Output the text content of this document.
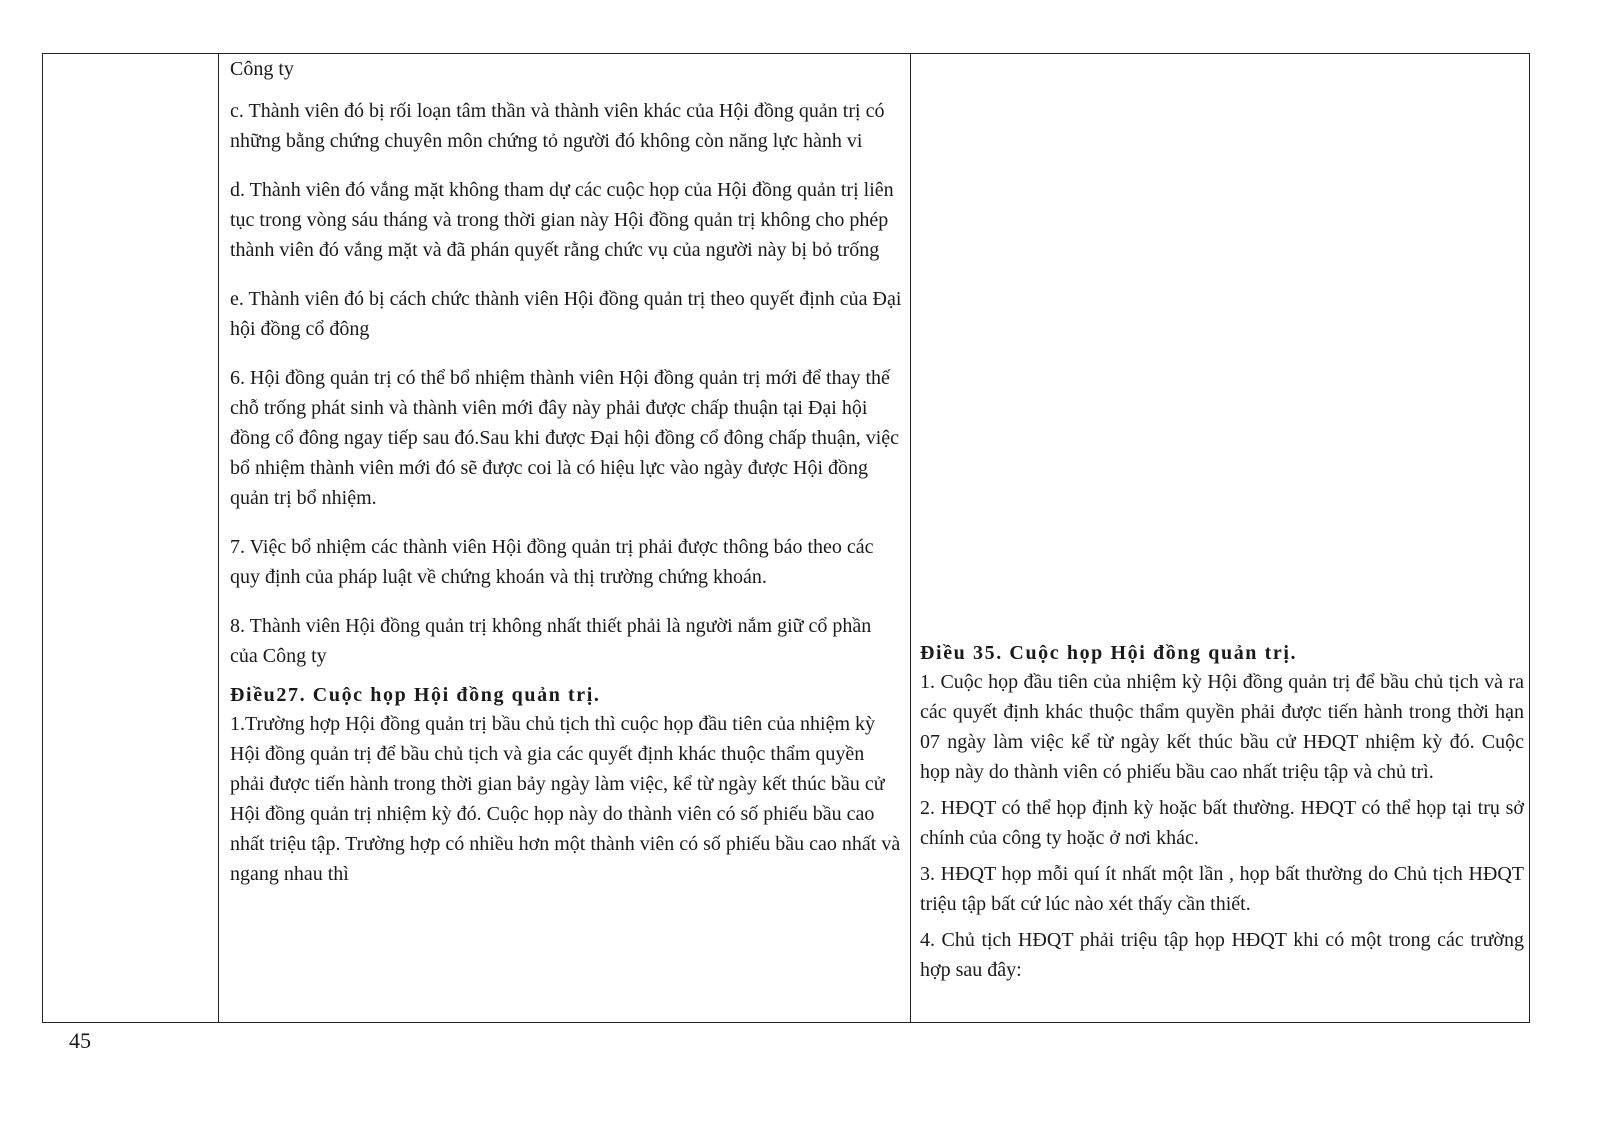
Công ty

c. Thành viên đó bị rối loạn tâm thần và thành viên khác của Hội đồng quản trị có những bằng chứng chuyên môn chứng tỏ người đó không còn năng lực hành vi

d. Thành viên đó vắng mặt không tham dự các cuộc họp của Hội đồng quản trị liên tục trong vòng sáu tháng và trong thời gian này Hội đồng quản trị không cho phép thành viên đó vắng mặt và đã phán quyết rằng chức vụ của người này bị bỏ trống

e. Thành viên đó bị cách chức thành viên Hội đồng quản trị theo quyết định của Đại hội đồng cổ đông

6. Hội đồng quản trị có thể bổ nhiệm thành viên Hội đồng quản trị mới để thay thế chỗ trống phát sinh và thành viên mới đây này phải được chấp thuận tại Đại hội đồng cổ đông ngay tiếp sau đó.Sau khi được Đại hội đồng cổ đông chấp thuận, việc bổ nhiệm thành viên mới đó sẽ được coi là có hiệu lực vào ngày được Hội đồng quản trị bổ nhiệm.

7. Việc bổ nhiệm các thành viên Hội đồng quản trị phải được thông báo theo các quy định của pháp luật về chứng khoán và thị trường chứng khoán.

8. Thành viên Hội đồng quản trị không nhất thiết phải là người nắm giữ cổ phần của Công ty

Điều27. Cuộc họp Hội đồng quản trị.

1.Trường hợp Hội đồng quản trị bầu chủ tịch thì cuộc họp đầu tiên của nhiệm kỳ Hội đồng quản trị để bầu chủ tịch và gia các quyết định khác thuộc thẩm quyền phải được tiến hành trong thời gian bảy ngày làm việc, kể từ ngày kết thúc bầu cử Hội đồng quản trị nhiệm kỳ đó. Cuộc họp này do thành viên có số phiếu bầu cao nhất triệu tập. Trường hợp có nhiều hơn một thành viên có số phiếu bầu cao nhất và ngang nhau thì

Điều 35. Cuộc họp Hội đồng quản trị.

1. Cuộc họp đầu tiên của nhiệm kỳ Hội đồng quản trị để bầu chủ tịch và ra các quyết định khác thuộc thẩm quyền phải được tiến hành trong thời hạn 07 ngày làm việc kể từ ngày kết thúc bầu cử HĐQT nhiệm kỳ đó. Cuộc họp này do thành viên có phiếu bầu cao nhất triệu tập và chủ trì.

2. HĐQT có thể họp định kỳ hoặc bất thường. HĐQT có thể họp tại trụ sở chính của công ty hoặc ở nơi khác.

3. HĐQT họp mỗi quí ít nhất một lần , họp bất thường do Chủ tịch HĐQT triệu tập bất cứ lúc nào xét thấy cần thiết.

4. Chủ tịch HĐQT phải triệu tập họp HĐQT khi có một trong các trường hợp sau đây:

45
